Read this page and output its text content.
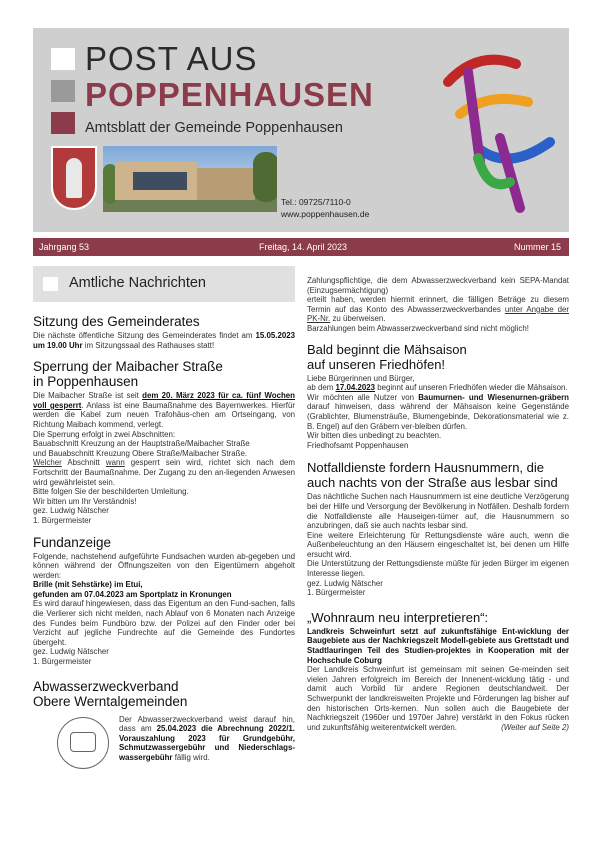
POST AUS
POPPENHAUSEN
Amtsblatt der Gemeinde Poppenhausen
Tel.: 09725/7110-0
www.poppenhausen.de
Jahrgang 53	Freitag, 14. April 2023	Nummer 15
Amtliche Nachrichten
Sitzung des Gemeinderates
Die nächste öffentliche Sitzung des Gemeinderates findet am 15.05.2023 um 19.00 Uhr im Sitzungssaal des Rathauses statt!
Sperrung der Maibacher Straße
in Poppenhausen
Die Maibacher Straße ist seit dem 20. März 2023 für ca. fünf Wochen voll gesperrt. Anlass ist eine Baumaßnahme des Bayernwerkes. Hierfür werden die Kabel zum neuen Trafohäus-chen am Ortseingang, von Richtung Maibach kommend, verlegt.
Die Sperrung erfolgt in zwei Abschnitten:
Bauabschnitt Kreuzung an der Hauptstraße/Maibacher Straße
und Bauabschnitt Kreuzung Obere Straße/Maibacher Straße.
Welcher Abschnitt wann gesperrt sein wird, richtet sich nach dem Fortschritt der Baumaßnahme. Der Zugang zu den an-liegenden Anwesen wird gewährleistet sein.
Bitte folgen Sie der beschilderten Umleitung.
Wir bitten um Ihr Verständnis!
gez. Ludwig Nätscher
1. Bürgermeister
Fundanzeige
Folgende, nachstehend aufgeführte Fundsachen wurden ab-gegeben und können während der Öffnungszeiten von den Eigentümern abgeholt werden:
Brille (mit Sehstärke) im Etui,
gefunden am 07.04.2023 am Sportplatz in Kronungen
Es wird darauf hingewiesen, dass das Eigentum an den Fund-sachen, falls die Verlierer sich nicht melden, nach Ablauf von 6 Monaten nach Anzeige des Fundes beim Fundbüro bzw. der Polizei auf den Finder oder bei Verzicht auf jegliche Fundrechte auf die Gemeinde des Fundortes übergeht.
gez. Ludwig Nätscher
1. Bürgermeister
Abwasserzweckverband
Obere Werntalgemeinden
Der Abwasserzweckverband weist darauf hin, dass am 25.04.2023 die Abrechnung 2022/1. Vorauszahlung 2023 für Grundgebühr, Schmutzwassergebühr und Niederschlags-wassergebühr fällig wird.
Zahlungspflichtige, die dem Abwasserzweckverband kein SEPA-Mandat (Einzugsermächtigung)
erteilt haben, werden hiermit erinnert, die fälligen Beträge zu diesem Termin auf das Konto des Abwasserzweckverbandes unter Angabe der PK-Nr. zu überweisen.
Barzahlungen beim Abwasserzweckverband sind nicht möglich!
Bald beginnt die Mähsaison
auf unseren Friedhöfen!
Liebe Bürgerinnen und Bürger,
ab dem 17.04.2023 beginnt auf unseren Friedhöfen wieder die Mähsaison.
Wir möchten alle Nutzer von Baumurnen- und Wiesenurnen-gräbern darauf hinweisen, dass während der Mähsaison keine Gegenstände (Grablichter, Blumensträuße, Blumengebinde, Dekorationsmaterial wie z. B. Engel) auf den Gräbern ver-bleiben dürfen.
Wir bitten dies unbedingt zu beachten.
Friedhofsamt Poppenhausen
Notfalldienste fordern Hausnummern, die
auch nachts von der Straße aus lesbar sind
Das nächtliche Suchen nach Hausnummern ist eine deutliche Verzögerung bei der Hilfe und Versorgung der Bevölkerung in Notfällen. Deshalb fordern die Notfalldienste alle Hauseigen-tümer auf, die Hausnummern so anzubringen, daß sie auch nachts lesbar sind.
Eine weitere Erleichterung für Rettungsdienste wäre auch, wenn die Außenbeleuchtung an den Häusern eingeschaltet ist, bei denen um Hilfe ersucht wird.
Die Unterstützung der Rettungsdienste müßte für jeden Bürger im eigenen Interesse liegen.
gez. Ludwig Nätscher
1. Bürgermeister
„Wohnraum neu interpretieren“:
Landkreis Schweinfurt setzt auf zukunftsfähige Ent-wicklung der Baugebiete aus der Nachkriegszeit Modell-gebiete aus Grettstadt und Stadtlauringen Teil des Studien-projektes in Kooperation mit der Hochschule Coburg
Der Landkreis Schweinfurt ist gemeinsam mit seinen Ge-meinden seit vielen Jahren erfolgreich im Bereich der Innenent-wicklung tätig - und damit auch Vorbild für andere Regionen deutschlandweit. Der Schwerpunkt der landkreisweiten Projekte und Förderungen lag bisher auf den historischen Orts-kernen. Nun sollen auch die Baugebiete der Nachkriegszeit (1960er und 1970er Jahre) verstärkt in den Fokus rücken und zukunftsfähig weiterentwickelt werden.	(Weiter auf Seite 2)
